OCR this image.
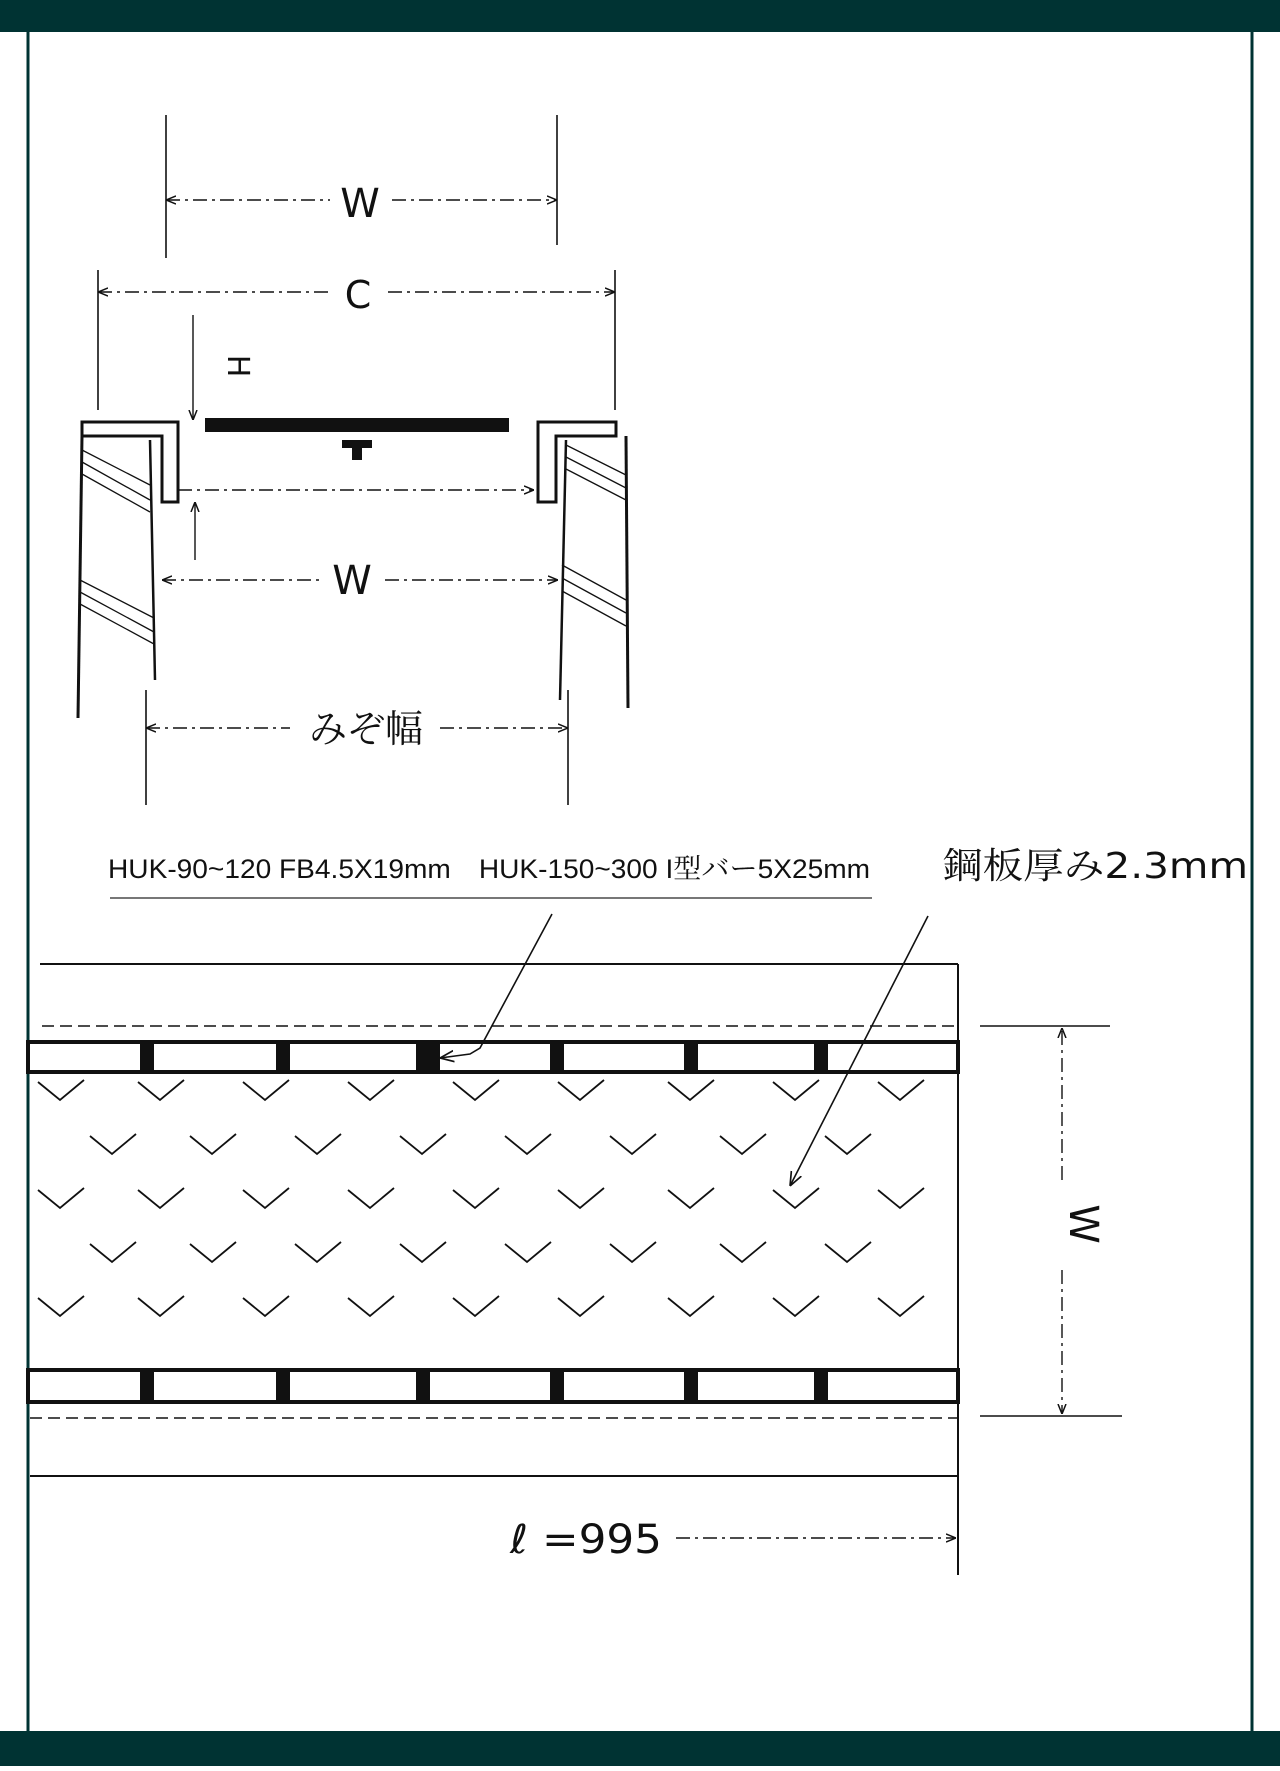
W
C
H
W
みぞ幅
HUK-90~120 FB4.5X19mm　HUK-150~300 I型バー5X25mm 鋼板厚み2.3mm
W
ℓ =995
